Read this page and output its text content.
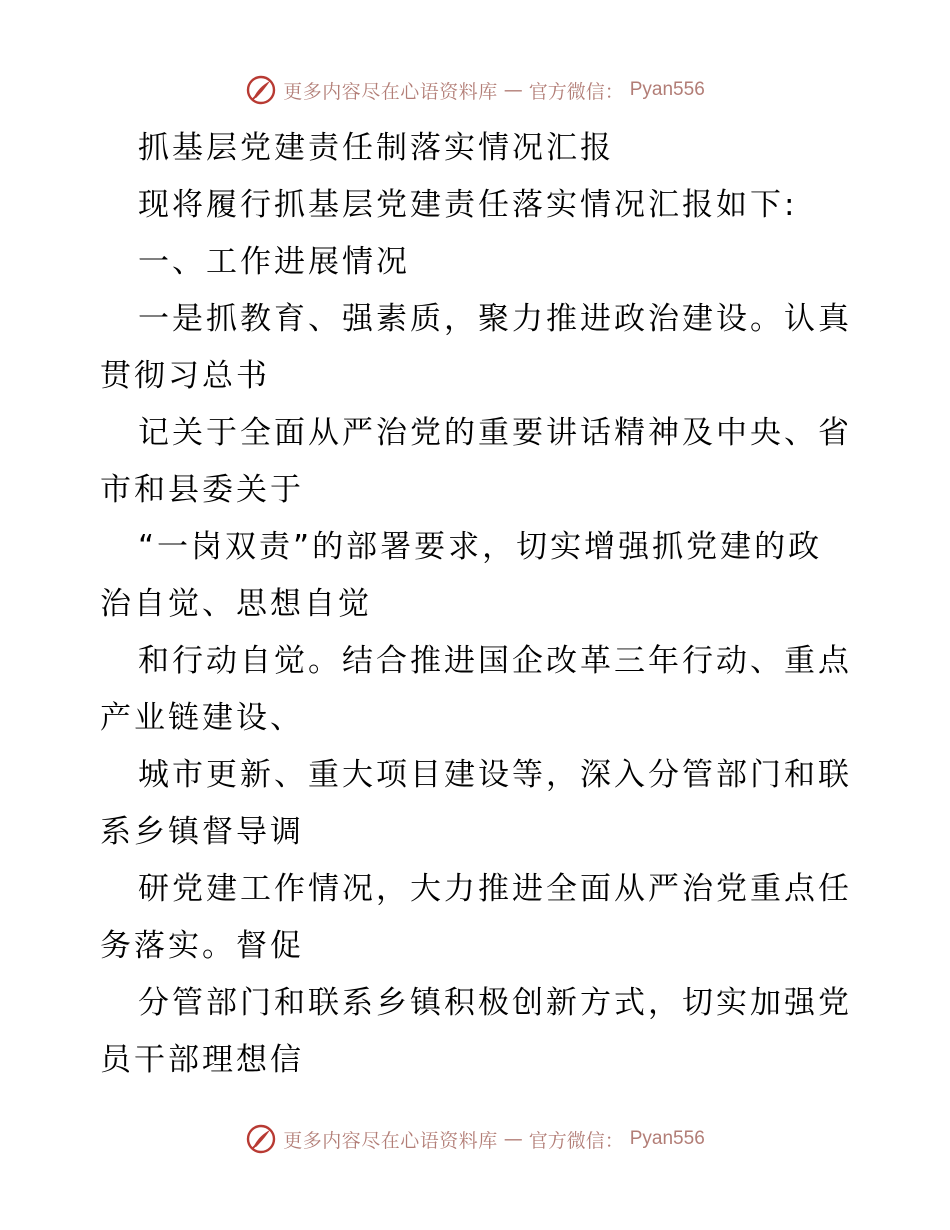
更多内容尽在心语资料库 — 官方微信： Pyan556

抓基层党建责任制落实情况汇报

现将履行抓基层党建责任落实情况汇报如下:

一、工作进展情况

一是抓教育、强素质，聚力推进政治建设。认真

贯彻习总书

记关于全面从严治党的重要讲话精神及中央、省

市和县委关于

“一岗双责”的部署要求，切实增强抓党建的政

治自觉、思想自觉

和行动自觉。结合推进国企改革三年行动、重点

产业链建设、

城市更新、重大项目建设等，深入分管部门和联

系乡镇督导调

研党建工作情况，大力推进全面从严治党重点任

务落实。督促

分管部门和联系乡镇积极创新方式，切实加强党

员干部理想信

更多内容尽在心语资料库 — 官方微信： Pyan556
